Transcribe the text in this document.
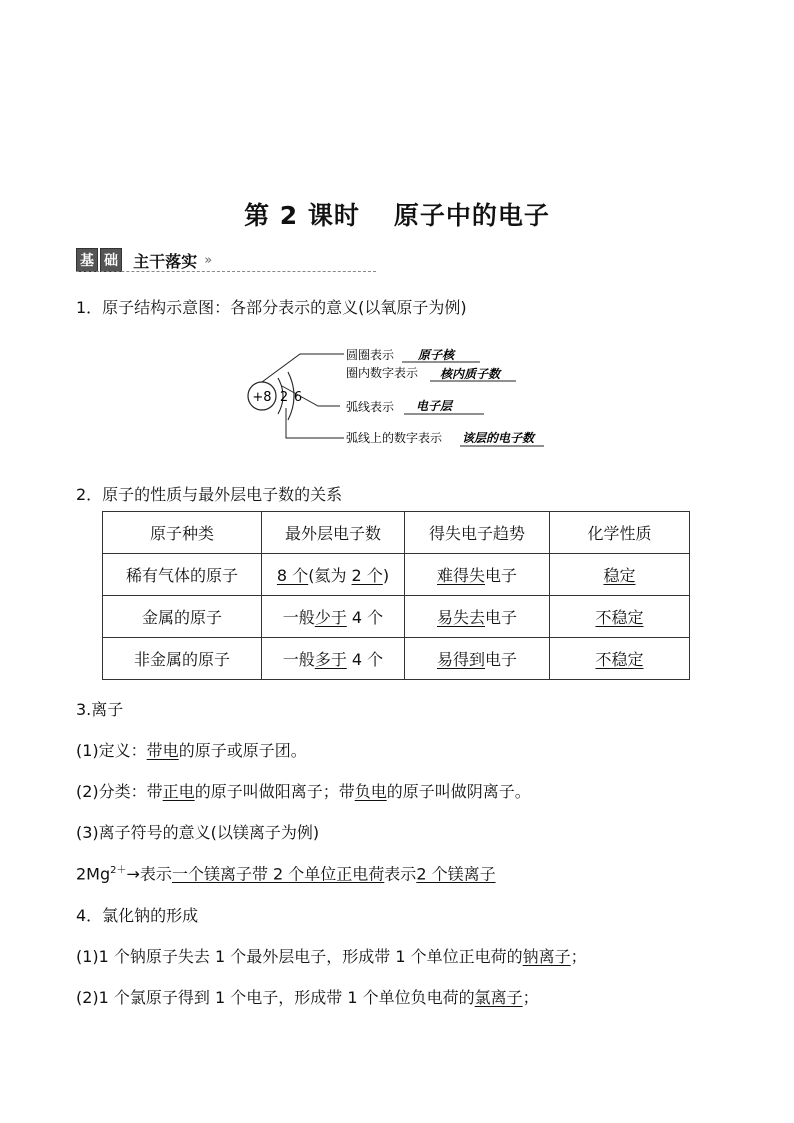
第 2 课时 原子中的电子
基 础 主干落实 »
1．原子结构示意图：各部分表示的意义(以氧原子为例)
+8 2 6
圆圈表示 原子核
圈内数字表示 核内质子数
弧线表示 电子层
弧线上的数字表示 该层的电子数
2．原子的性质与最外层电子数的关系
原子种类	最外层电子数	得失电子趋势	化学性质
稀有气体的原子	8 个(氦为 2 个)	难得失电子	稳定
金属的原子	一般少于 4 个	易失去电子	不稳定
非金属的原子	一般多于 4 个	易得到电子	不稳定
3.离子
(1)定义：带电的原子或原子团。
(2)分类：带正电的原子叫做阳离子；带负电的原子叫做阴离子。
(3)离子符号的意义(以镁离子为例)
$2Mg^{2+}\to$表示一个镁离子带 2 个单位正电荷表示2 个镁离子
4．氯化钠的形成
(1)1 个钠原子失去 1 个最外层电子，形成带 1 个单位正电荷的钠离子；
(2)1 个氯原子得到 1 个电子，形成带 1 个单位负电荷的氯离子；
